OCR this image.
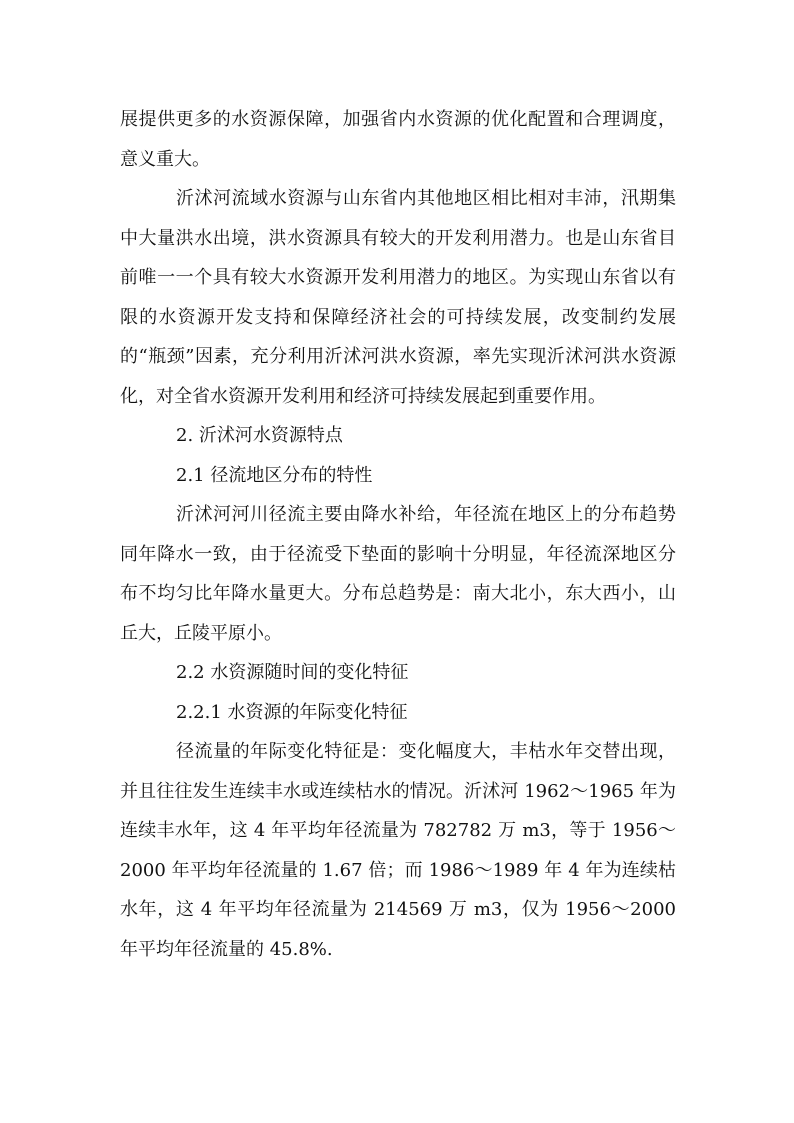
展提供更多的水资源保障，加强省内水资源的优化配置和合理调度，意义重大。

沂沭河流域水资源与山东省内其他地区相比相对丰沛，汛期集中大量洪水出境，洪水资源具有较大的开发利用潜力。也是山东省目前唯一一个具有较大水资源开发利用潜力的地区。为实现山东省以有限的水资源开发支持和保障经济社会的可持续发展，改变制约发展的“瓶颈”因素，充分利用沂沭河洪水资源，率先实现沂沭河洪水资源化，对全省水资源开发利用和经济可持续发展起到重要作用。

2. 沂沭河水资源特点

2.1 径流地区分布的特性

沂沭河河川径流主要由降水补给，年径流在地区上的分布趋势同年降水一致，由于径流受下垫面的影响十分明显，年径流深地区分布不均匀比年降水量更大。分布总趋势是：南大北小，东大西小，山丘大，丘陵平原小。

2.2 水资源随时间的变化特征

2.2.1 水资源的年际变化特征

径流量的年际变化特征是：变化幅度大，丰枯水年交替出现，并且往往发生连续丰水或连续枯水的情况。沂沭河 1962～1965 年为连续丰水年，这 4 年平均年径流量为 782782 万 m3，等于 1956～2000 年平均年径流量的 1.67 倍；而 1986～1989 年 4 年为连续枯水年，这 4 年平均年径流量为 214569 万 m3，仅为 1956～2000 年平均年径流量的 45.8%.
